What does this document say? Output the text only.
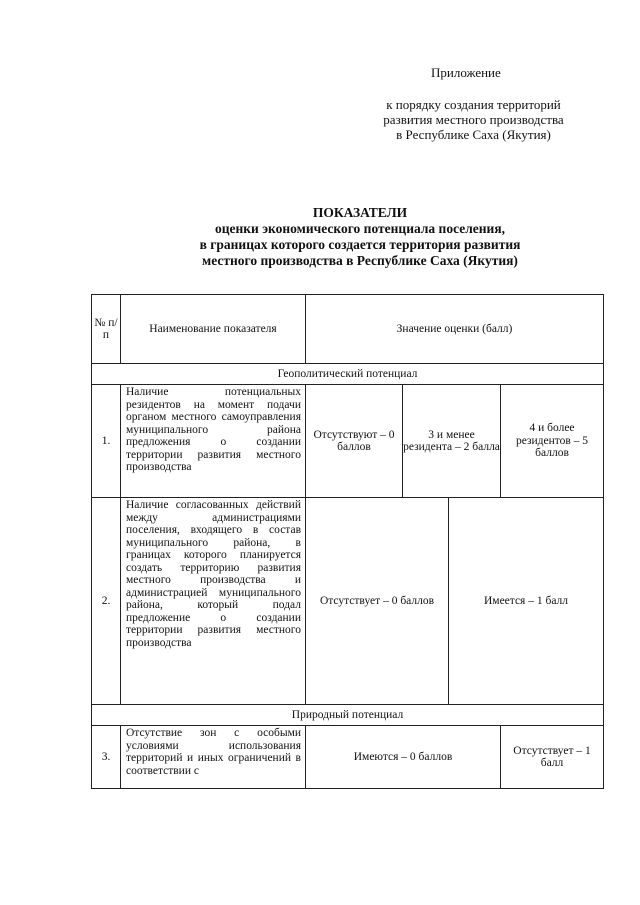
Приложение
к порядку создания территорий
развития местного производства
в Республике Саха (Якутия)
ПОКАЗАТЕЛИ
оценки экономического потенциала поселения,
в границах которого создается территория развития
местного производства в Республике Саха (Якутия)
№ п/п	Наименование показателя	Значение оценки (балл)			
Геополитический потенциал					
1.	Наличие потенциальных резидентов на момент подачи органом местного самоуправления муниципального района предложения о создании территории развития местного производства	Отсутствуют – 0 баллов	3 и менее резидента – 2 балла		4 и более резидентов – 5 баллов
2.	Наличие согласованных действий между администрациями поселения, входящего в состав муниципального района, в границах которого планируется создать территорию развития местного производства и администрацией муниципального района, который подал предложение о создании территории развития местного производства	Отсутствует – 0 баллов		Имеется – 1 балл	
Природный потенциал					
3.	Отсутствие зон с особыми условиями использования территорий и иных ограничений в соответствии с	Имеются – 0 баллов			Отсутствует – 1 балл
